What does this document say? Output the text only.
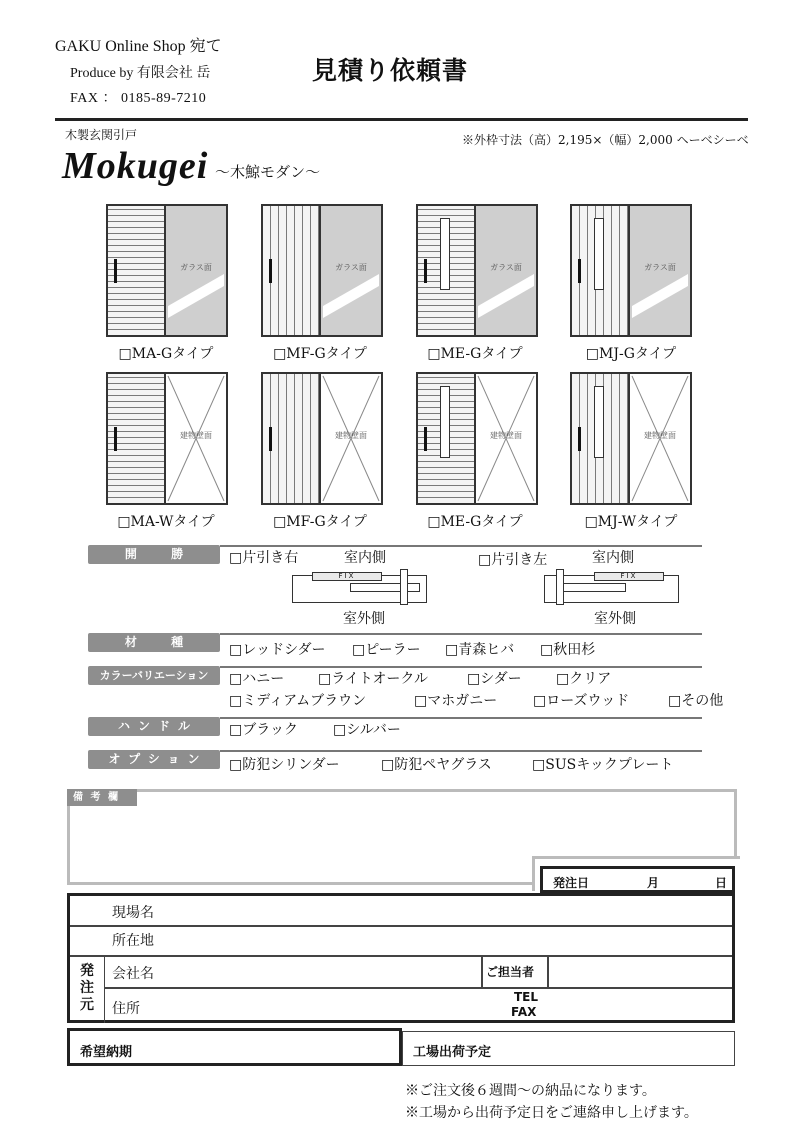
GAKU Online Shop 宛て
Produce by 有限会社 岳
FAX ： 0185-89-7210
見積り依頼書
木製玄関引戸	※外枠寸法（高）2,195×（幅）2,000 ヘーベシーベ
Mokugei ～木鯨モダン～
ガラス面	ガラス面	ガラス面	ガラス面
□MA-Gタイプ	□MF-Gタイプ	□ME-Gタイプ	□MJ-Gタイプ
建物壁面	建物壁面	建物壁面	建物壁面
□MA-Wタイプ	□MF-Gタイプ	□ME-Gタイプ	□MJ-Wタイプ
開 勝 手
□片引き右	室内側
室外側
□片引き左	室内側
室外側
FIX	FIX
材 種	□レッドシダー □ピーラー □青森ヒバ □秋田杉
カラーバリエーション	□ハニー □ライトオークル	□シダー □クリア
□ミディアムブラウン	□マホガニー	□ローズウッド	□その他
ハンドル	□ブラック	□シルバー
オプション	□防犯シリンダー	□防犯ペヤグラス	□SUSキックプレート
備 考 欄
発注日	月	日
発注元
現場名
所在地
会社名
住所
ご担当者
TEL
FAX
希望納期	工場出荷予定
※ご注文後６週間～の納品になります。
※工場から出荷予定日をご連絡申し上げます。
